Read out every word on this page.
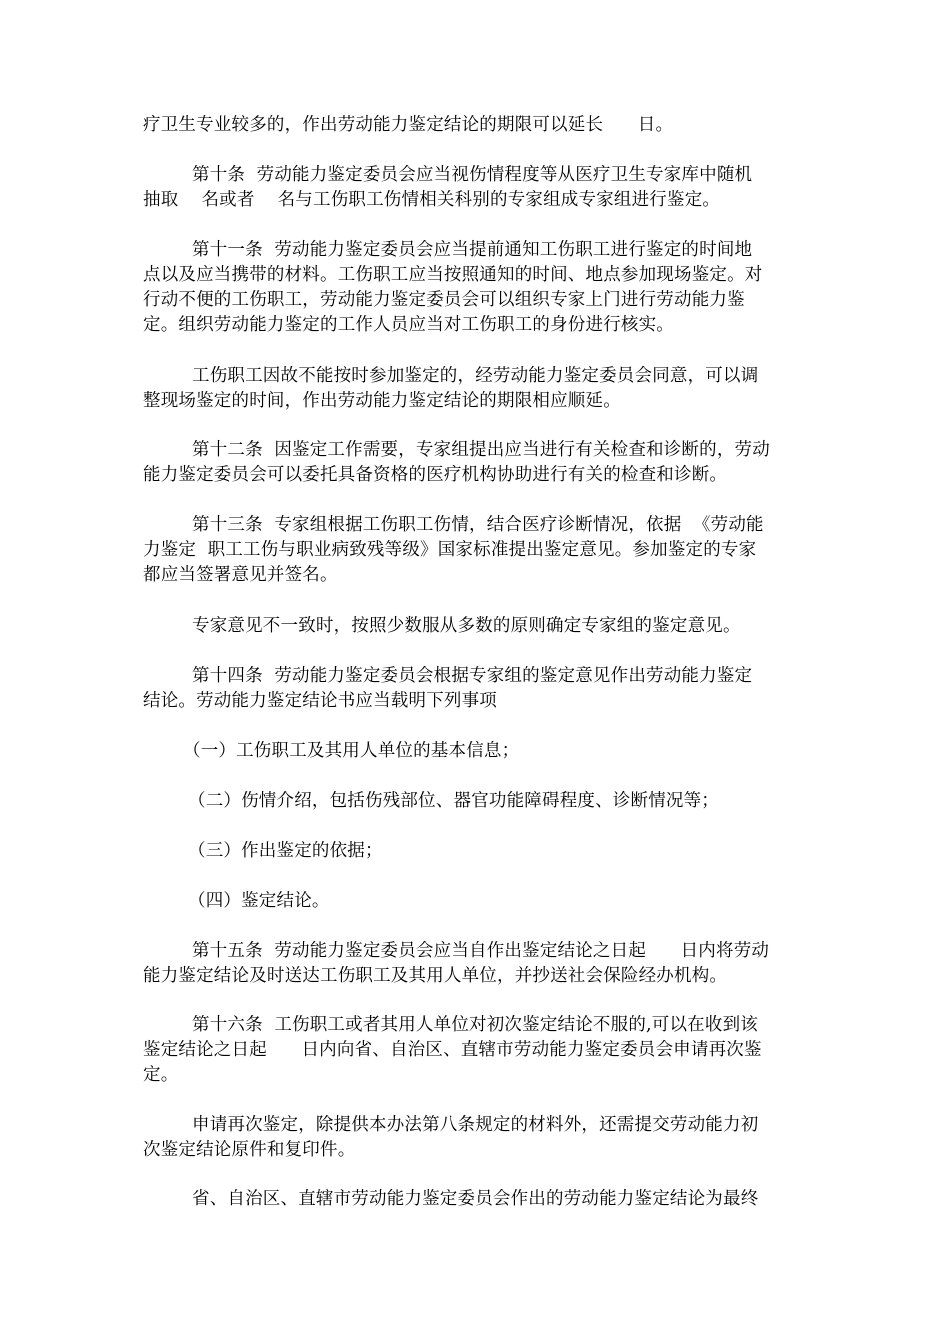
疗卫生专业较多的，作出劳动能力鉴定结论的期限可以延长      日。

第十条  劳动能力鉴定委员会应当视伤情程度等从医疗卫生专家库中随机
抽取    名或者    名与工伤职工伤情相关科别的专家组成专家组进行鉴定。

第十一条  劳动能力鉴定委员会应当提前通知工伤职工进行鉴定的时间地
点以及应当携带的材料。工伤职工应当按照通知的时间、地点参加现场鉴定。对
行动不便的工伤职工，劳动能力鉴定委员会可以组织专家上门进行劳动能力鉴
定。组织劳动能力鉴定的工作人员应当对工伤职工的身份进行核实。

工伤职工因故不能按时参加鉴定的，经劳动能力鉴定委员会同意，可以调
整现场鉴定的时间，作出劳动能力鉴定结论的期限相应顺延。

第十二条  因鉴定工作需要，专家组提出应当进行有关检查和诊断的，劳动
能力鉴定委员会可以委托具备资格的医疗机构协助进行有关的检查和诊断。

第十三条  专家组根据工伤职工伤情，结合医疗诊断情况，依据  《劳动能
力鉴定  职工工伤与职业病致残等级》国家标准提出鉴定意见。参加鉴定的专家
都应当签署意见并签名。

专家意见不一致时，按照少数服从多数的原则确定专家组的鉴定意见。

第十四条  劳动能力鉴定委员会根据专家组的鉴定意见作出劳动能力鉴定
结论。劳动能力鉴定结论书应当载明下列事项

（一）工伤职工及其用人单位的基本信息；

（二）伤情介绍，包括伤残部位、器官功能障碍程度、诊断情况等；

（三）作出鉴定的依据；

（四）鉴定结论。

第十五条  劳动能力鉴定委员会应当自作出鉴定结论之日起      日内将劳动
能力鉴定结论及时送达工伤职工及其用人单位，并抄送社会保险经办机构。

第十六条  工伤职工或者其用人单位对初次鉴定结论不服的,可以在收到该
鉴定结论之日起      日内向省、自治区、直辖市劳动能力鉴定委员会申请再次鉴
定。

申请再次鉴定，除提供本办法第八条规定的材料外，还需提交劳动能力初
次鉴定结论原件和复印件。

省、自治区、直辖市劳动能力鉴定委员会作出的劳动能力鉴定结论为最终
